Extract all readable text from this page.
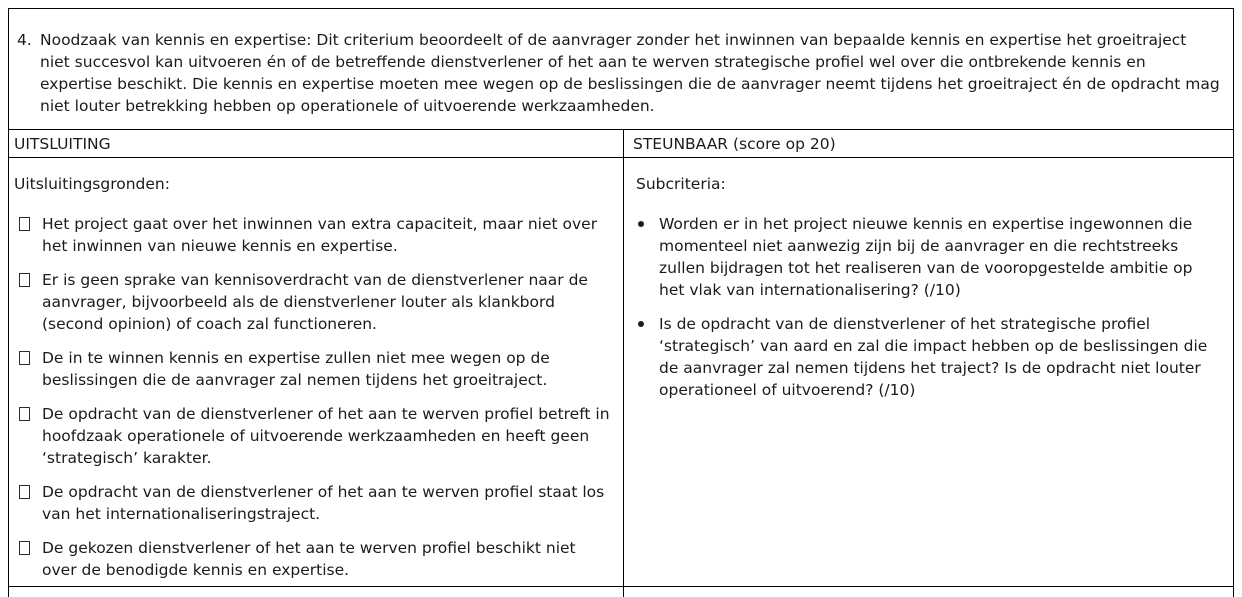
4. Noodzaak van kennis en expertise: Dit criterium beoordeelt of de aanvrager zonder het inwinnen van bepaalde kennis en expertise het groeitraject niet succesvol kan uitvoeren én of de betreffende dienstverlener of het aan te werven strategische profiel wel over die ontbrekende kennis en expertise beschikt. Die kennis en expertise moeten mee wegen op de beslissingen die de aanvrager neemt tijdens het groeitraject én de opdracht mag niet louter betrekking hebben op operationele of uitvoerende werkzaamheden.

UITSLUITING	STEUNBAAR (score op 20)

Uitsluitingsgronden:

Het project gaat over het inwinnen van extra capaciteit, maar niet over het inwinnen van nieuwe kennis en expertise.
Er is geen sprake van kennisoverdracht van de dienstverlener naar de aanvrager, bijvoorbeeld als de dienstverlener louter als klankbord (second opinion) of coach zal functioneren.
De in te winnen kennis en expertise zullen niet mee wegen op de beslissingen die de aanvrager zal nemen tijdens het groeitraject.
De opdracht van de dienstverlener of het aan te werven profiel betreft in hoofdzaak operationele of uitvoerende werkzaamheden en heeft geen ‘strategisch’ karakter.
De opdracht van de dienstverlener of het aan te werven profiel staat los van het internationaliseringstraject.
De gekozen dienstverlener of het aan te werven profiel beschikt niet over de benodigde kennis en expertise.

Subcriteria:

Worden er in het project nieuwe kennis en expertise ingewonnen die momenteel niet aanwezig zijn bij de aanvrager en die rechtstreeks zullen bijdragen tot het realiseren van de vooropgestelde ambitie op het vlak van internationalisering? (/10)
Is de opdracht van de dienstverlener of het strategische profiel ‘strategisch’ van aard en zal die impact hebben op de beslissingen die de aanvrager zal nemen tijdens het traject? Is de opdracht niet louter operationeel of uitvoerend? (/10)
